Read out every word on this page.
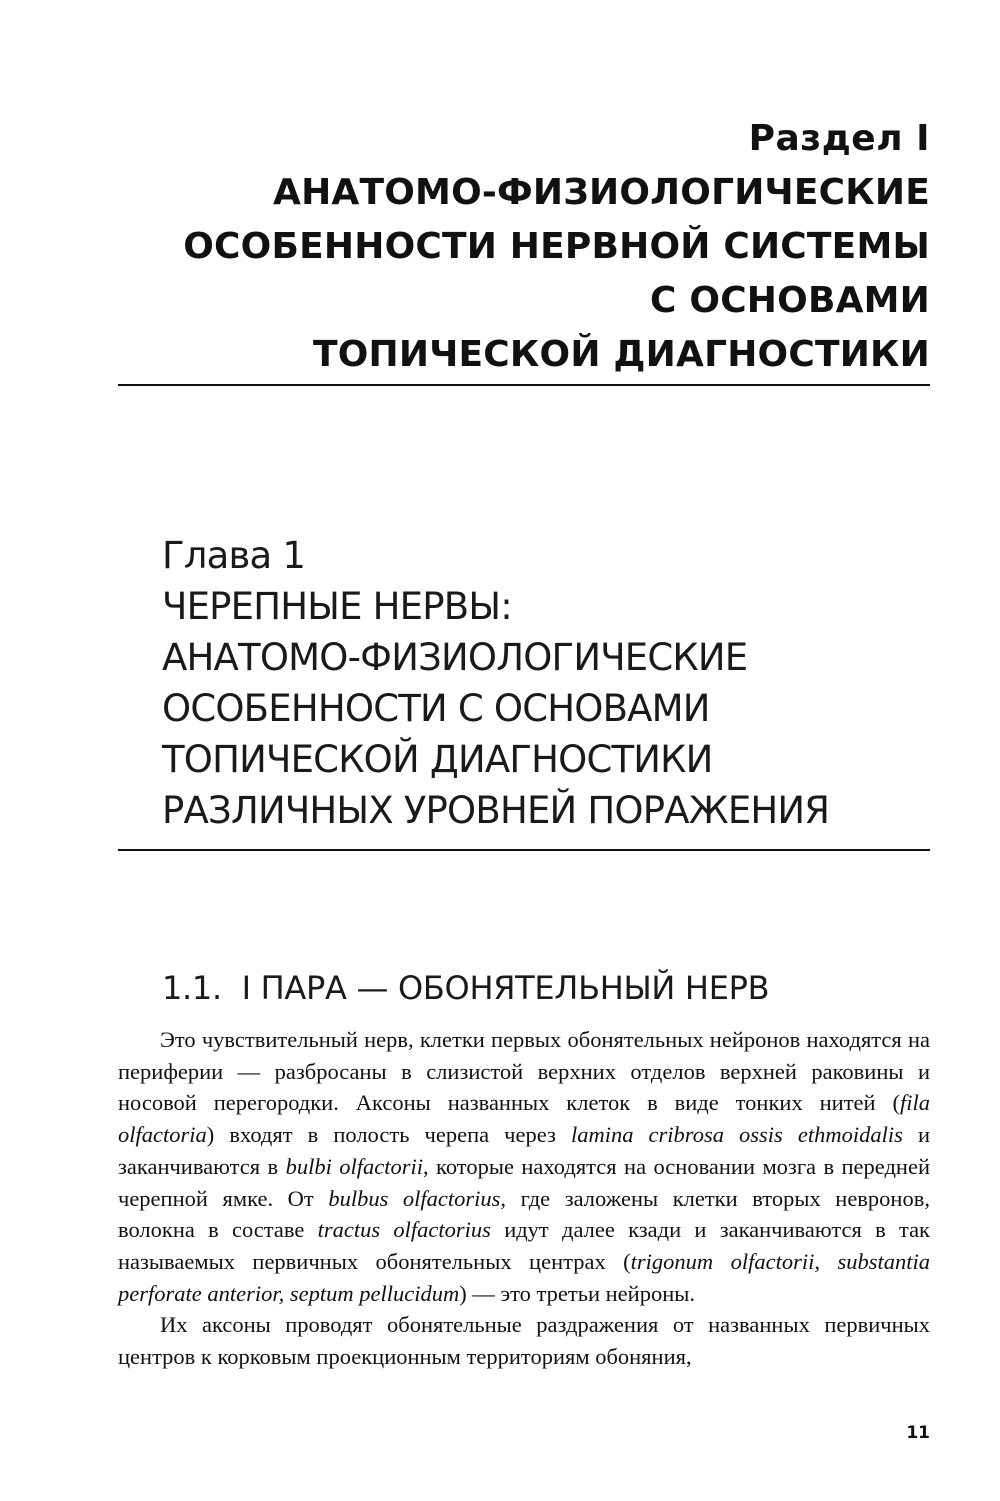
Раздел I
АНАТОМО-ФИЗИОЛОГИЧЕСКИЕ
ОСОБЕННОСТИ НЕРВНОЙ СИСТЕМЫ
С ОСНОВАМИ
ТОПИЧЕСКОЙ ДИАГНОСТИКИ
Глава 1
ЧЕРЕПНЫЕ НЕРВЫ:
АНАТОМО-ФИЗИОЛОГИЧЕСКИЕ
ОСОБЕННОСТИ С ОСНОВАМИ
ТОПИЧЕСКОЙ ДИАГНОСТИКИ
РАЗЛИЧНЫХ УРОВНЕЙ ПОРАЖЕНИЯ
1.1. I ПАРА — ОБОНЯТЕЛЬНЫЙ НЕРВ

Это чувствительный нерв, клетки первых обонятельных нейронов находятся на периферии — разбросаны в слизистой верхних отделов верхней раковины и носовой перегородки. Аксоны названных клеток в виде тонких нитей (fila olfactoria) входят в полость черепа через lamina cribrosa ossis ethmoidalis и заканчиваются в bulbi olfactorii, которые находятся на основании мозга в передней черепной ямке. От bulbus olfactorius, где заложены клетки вторых невронов, волокна в составе tractus olfactorius идут далее кзади и заканчиваются в так называемых первичных обонятельных центрах (trigonum olfactorii, substantia perforate anterior, septum pellucidum) — это третьи нейроны.

Их аксоны проводят обонятельные раздражения от названных первичных центров к корковым проекционным территориям обоняния,

11
